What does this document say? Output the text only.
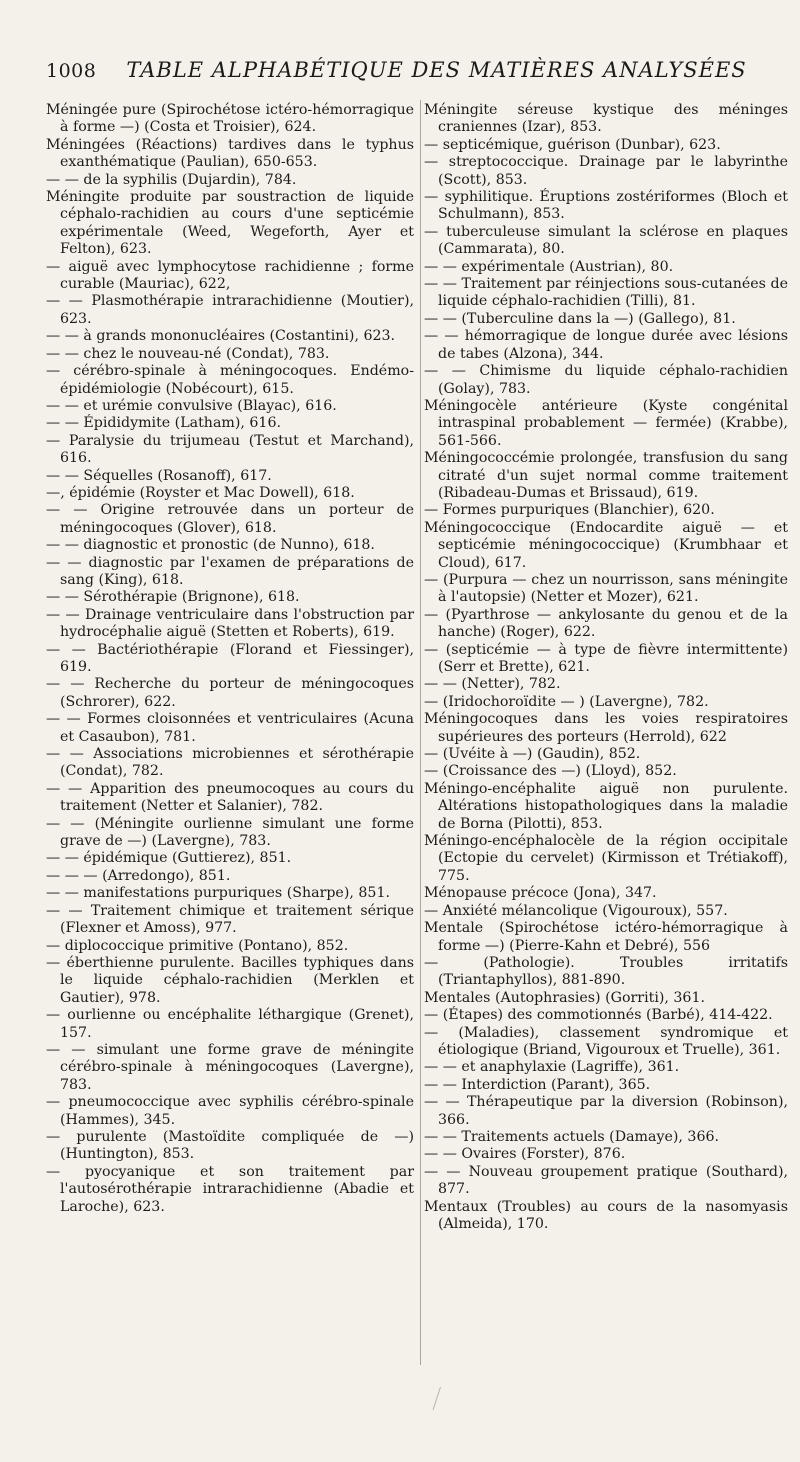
1008 TABLE ALPHABÉTIQUE DES MATIÈRES ANALYSÉES

Méningée pure (Spirochétose ictéro-hémorragique à forme —) (Costa et Troisier), 624.

Méningées (Réactions) tardives dans le typhus exanthématique (Paulian), 650-653.

— — de la syphilis (Dujardin), 784.

Méningite produite par soustraction de liquide céphalo-rachidien au cours d'une septicémie expérimentale (Weed, Wegeforth, Ayer et Felton), 623.

— aiguë avec lymphocytose rachidienne ; forme curable (Mauriac), 622,

— — Plasmothérapie intrarachidienne (Moutier), 623.

— — à grands mononucléaires (Costantini), 623.

— — chez le nouveau-né (Condat), 783.

— cérébro-spinale à méningocoques. Endémo-épidémiologie (Nobécourt), 615.

— — et urémie convulsive (Blayac), 616.

— — Épididymite (Latham), 616.

— Paralysie du trijumeau (Testut et Marchand), 616.

— — Séquelles (Rosanoff), 617.

—, épidémie (Royster et Mac Dowell), 618.

— — Origine retrouvée dans un porteur de méningocoques (Glover), 618.

— — diagnostic et pronostic (de Nunno), 618.

— — diagnostic par l'examen de préparations de sang (King), 618.

— — Sérothérapie (Brignone), 618.

— — Drainage ventriculaire dans l'obstruction par hydrocéphalie aiguë (Stetten et Roberts), 619.

— — Bactériothérapie (Florand et Fiessinger), 619.

— — Recherche du porteur de méningocoques (Schrorer), 622.

— — Formes cloisonnées et ventriculaires (Acuna et Casaubon), 781.

— — Associations microbiennes et sérothérapie (Condat), 782.

— — Apparition des pneumocoques au cours du traitement (Netter et Salanier), 782.

— — (Méningite ourlienne simulant une forme grave de —) (Lavergne), 783.

— — épidémique (Guttierez), 851.

— — — (Arredongo), 851.

— — manifestations purpuriques (Sharpe), 851.

— — Traitement chimique et traitement sérique (Flexner et Amoss), 977.

— diplococcique primitive (Pontano), 852.

— éberthienne purulente. Bacilles typhiques dans le liquide céphalo-rachidien (Merklen et Gautier), 978.

— ourlienne ou encéphalite léthargique (Grenet), 157.

— — simulant une forme grave de méningite cérébro-spinale à méningocoques (Lavergne), 783.

— pneumococcique avec syphilis cérébro-spinale (Hammes), 345.

— purulente (Mastoïdite compliquée de —) (Huntington), 853.

— pyocyanique et son traitement par l'autosérothérapie intrarachidienne (Abadie et Laroche), 623.

Méningite séreuse kystique des méninges craniennes (Izar), 853.

— septicémique, guérison (Dunbar), 623.

— streptococcique. Drainage par le labyrinthe (Scott), 853.

— syphilitique. Éruptions zostériformes (Bloch et Schulmann), 853.

— tuberculeuse simulant la sclérose en plaques (Cammarata), 80.

— — expérimentale (Austrian), 80.

— — Traitement par réinjections sous-cutanées de liquide céphalo-rachidien (Tilli), 81.

— — (Tuberculine dans la —) (Gallego), 81.

— — hémorragique de longue durée avec lésions de tabes (Alzona), 344.

— — Chimisme du liquide céphalo-rachidien (Golay), 783.

Méningocèle antérieure (Kyste congénital intraspinal probablement — fermée) (Krabbe), 561-566.

Méningococcémie prolongée, transfusion du sang citraté d'un sujet normal comme traitement (Ribadeau-Dumas et Brissaud), 619.

— Formes purpuriques (Blanchier), 620.

Méningococcique (Endocardite aiguë — et septicémie méningococcique) (Krumbhaar et Cloud), 617.

— (Purpura — chez un nourrisson, sans méningite à l'autopsie) (Netter et Mozer), 621.

— (Pyarthrose — ankylosante du genou et de la hanche) (Roger), 622.

— (septicémie — à type de fièvre intermittente) (Serr et Brette), 621.

— — (Netter), 782.

— (Iridochoroïdite — ) (Lavergne), 782.

Méningocoques dans les voies respiratoires supérieures des porteurs (Herrold), 622

— (Uvéite à —) (Gaudin), 852.

— (Croissance des —) (Lloyd), 852.

Méningo-encéphalite aiguë non purulente. Altérations histopathologiques dans la maladie de Borna (Pilotti), 853.

Méningo-encéphalocèle de la région occipitale (Ectopie du cervelet) (Kirmisson et Trétiakoff), 775.

Ménopause précoce (Jona), 347.

— Anxiété mélancolique (Vigouroux), 557.

Mentale (Spirochétose ictéro-hémorragique à forme —) (Pierre-Kahn et Debré), 556

— (Pathologie). Troubles irritatifs (Triantaphyllos), 881-890.

Mentales (Autophrasies) (Gorriti), 361.

— (Étapes) des commotionnés (Barbé), 414-422.

— (Maladies), classement syndromique et étiologique (Briand, Vigouroux et Truelle), 361.

— — et anaphylaxie (Lagriffe), 361.

— — Interdiction (Parant), 365.

— — Thérapeutique par la diversion (Robinson), 366.

— — Traitements actuels (Damaye), 366.

— — Ovaires (Forster), 876.

— — Nouveau groupement pratique (Southard), 877.

Mentaux (Troubles) au cours de la nasomyasis (Almeida), 170.
